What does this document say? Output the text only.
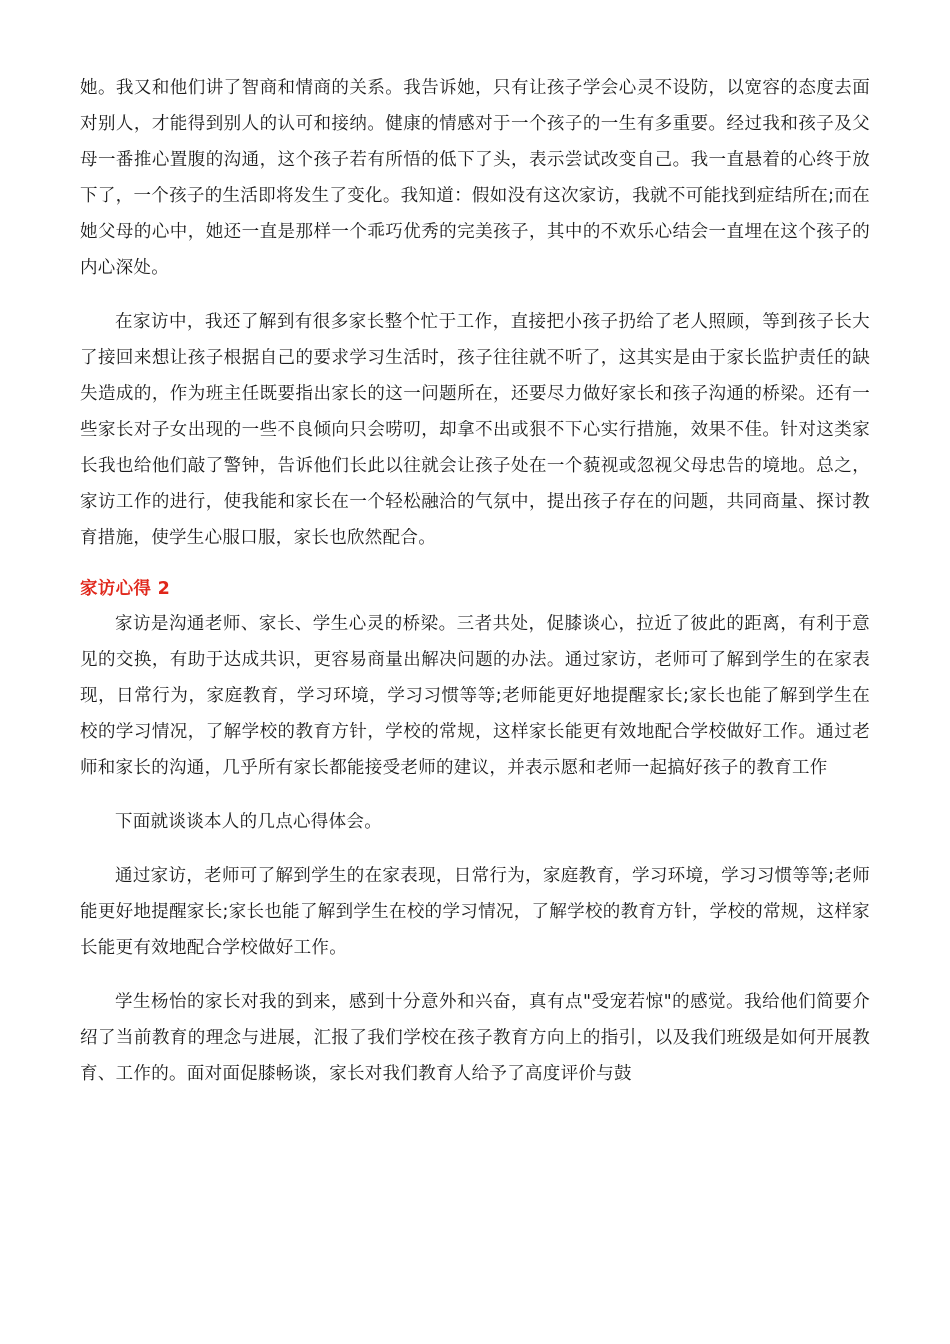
她。我又和他们讲了智商和情商的关系。我告诉她，只有让孩子学会心灵不设防，以宽容的态度去面对别人，才能得到别人的认可和接纳。健康的情感对于一个孩子的一生有多重要。经过我和孩子及父母一番推心置腹的沟通，这个孩子若有所悟的低下了头，表示尝试改变自己。我一直悬着的心终于放下了，一个孩子的生活即将发生了变化。我知道：假如没有这次家访，我就不可能找到症结所在;而在她父母的心中，她还一直是那样一个乖巧优秀的完美孩子，其中的不欢乐心结会一直埋在这个孩子的内心深处。

在家访中，我还了解到有很多家长整个忙于工作，直接把小孩子扔给了老人照顾，等到孩子长大了接回来想让孩子根据自己的要求学习生活时，孩子往往就不听了，这其实是由于家长监护责任的缺失造成的，作为班主任既要指出家长的这一问题所在，还要尽力做好家长和孩子沟通的桥梁。还有一些家长对子女出现的一些不良倾向只会唠叨，却拿不出或狠不下心实行措施，效果不佳。针对这类家长我也给他们敲了警钟，告诉他们长此以往就会让孩子处在一个藐视或忽视父母忠告的境地。总之，家访工作的进行，使我能和家长在一个轻松融洽的气氛中，提出孩子存在的问题，共同商量、探讨教育措施，使学生心服口服，家长也欣然配合。

家访心得 2

家访是沟通老师、家长、学生心灵的桥梁。三者共处，促膝谈心，拉近了彼此的距离，有利于意见的交换，有助于达成共识，更容易商量出解决问题的办法。通过家访，老师可了解到学生的在家表现，日常行为，家庭教育，学习环境，学习习惯等等;老师能更好地提醒家长;家长也能了解到学生在校的学习情况，了解学校的教育方针，学校的常规，这样家长能更有效地配合学校做好工作。通过老师和家长的沟通，几乎所有家长都能接受老师的建议，并表示愿和老师一起搞好孩子的教育工作

下面就谈谈本人的几点心得体会。

通过家访，老师可了解到学生的在家表现，日常行为，家庭教育，学习环境，学习习惯等等;老师能更好地提醒家长;家长也能了解到学生在校的学习情况，了解学校的教育方针，学校的常规，这样家长能更有效地配合学校做好工作。

学生杨怡的家长对我的到来，感到十分意外和兴奋，真有点"受宠若惊"的感觉。我给他们简要介绍了当前教育的理念与进展，汇报了我们学校在孩子教育方向上的指引，以及我们班级是如何开展教育、工作的。面对面促膝畅谈，家长对我们教育人给予了高度评价与鼓
